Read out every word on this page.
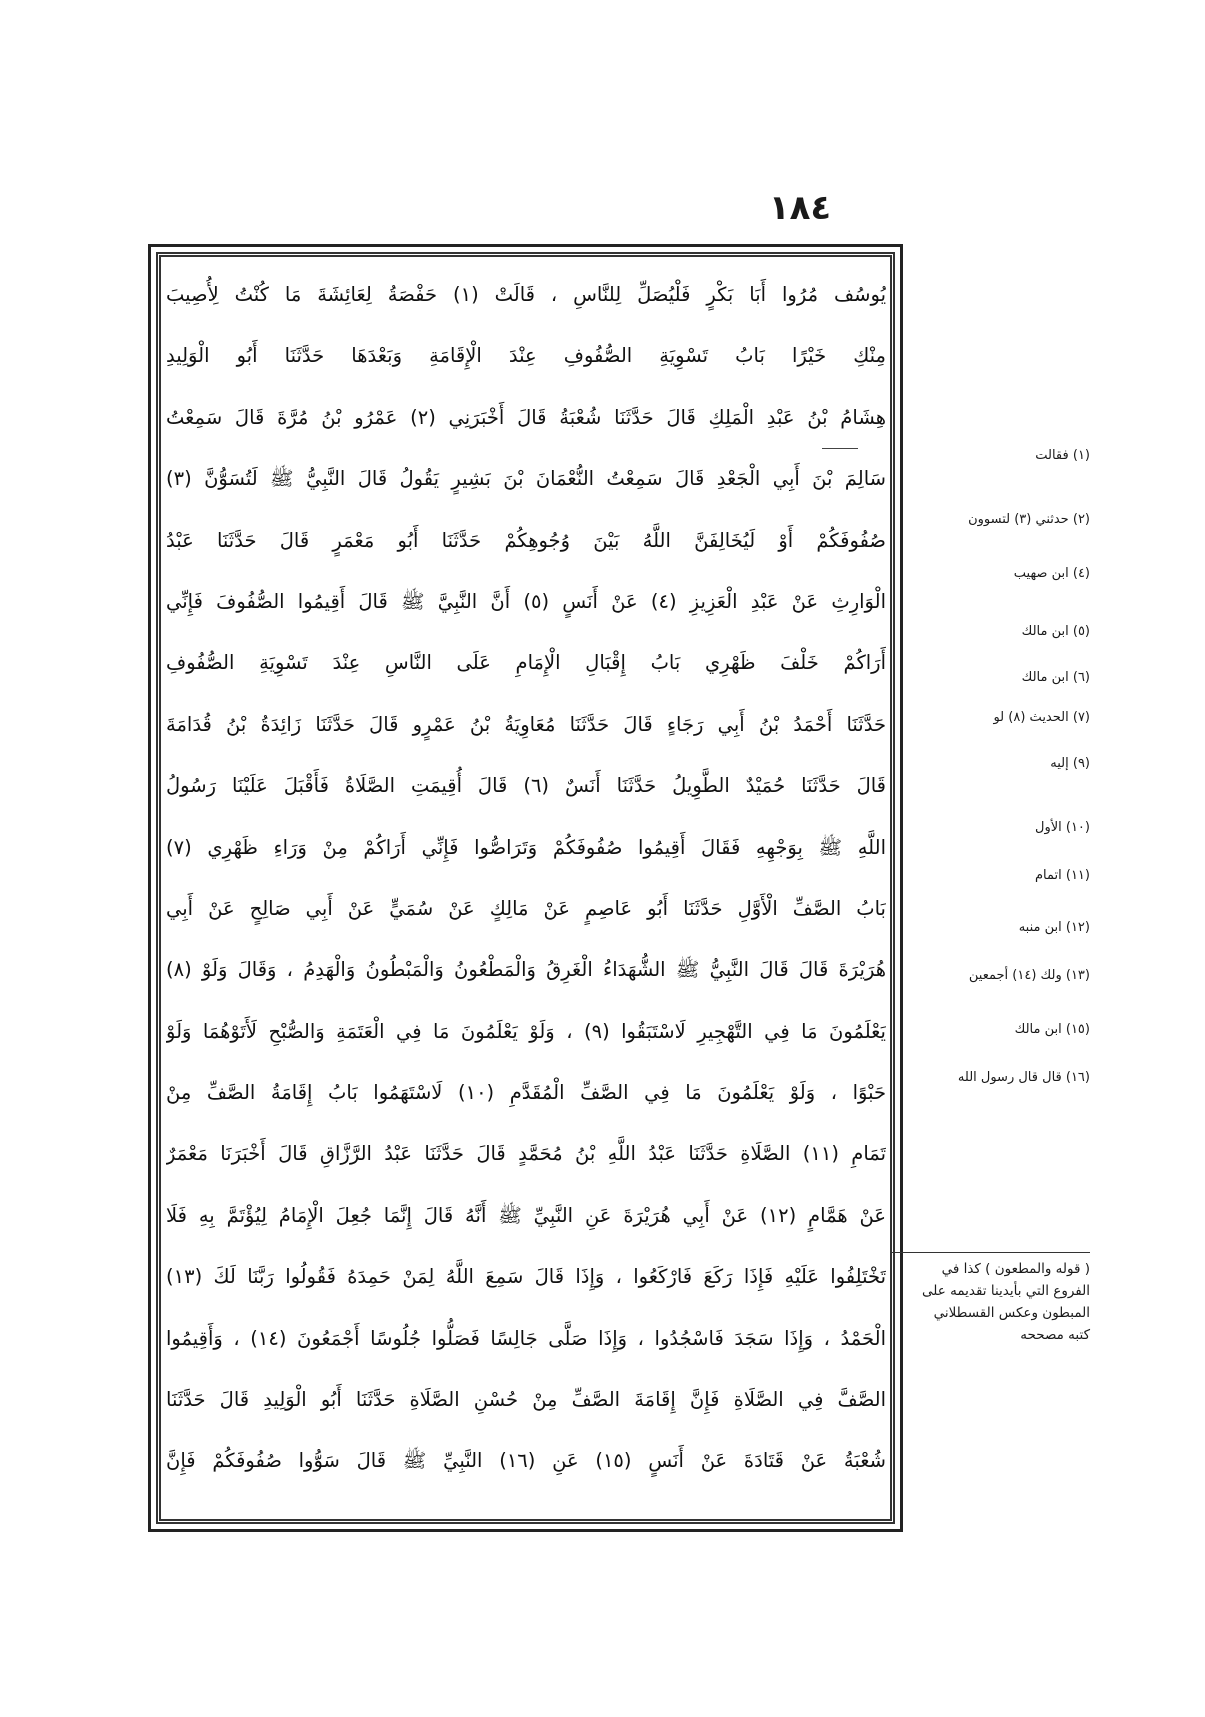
١٨٤
يُوسُف مُرُوا أَبَا بَكْرٍ فَلْيُصَلِّ لِلنَّاسِ ، قَالَتْ (١) حَفْصَةُ لِعَائِشَةَ مَا كُنْتُ لِأُصِيبَ
مِنْكِ خَيْرًا بَابُ تَسْوِيَةِ الصُّفُوفِ عِنْدَ الْإِقَامَةِ وَبَعْدَهَا حَدَّثَنَا أَبُو الْوَلِيدِ
هِشَامُ بْنُ عَبْدِ الْمَلِكِ قَالَ حَدَّثَنَا شُعْبَةُ قَالَ أَخْبَرَنِي (٢) عَمْرُو بْنُ مُرَّةَ قَالَ سَمِعْتُ
سَالِمَ بْنَ أَبِي الْجَعْدِ قَالَ سَمِعْتُ النُّعْمَانَ بْنَ بَشِيرٍ يَقُولُ قَالَ النَّبِيُّ ﷺ لَتُسَوُّنَّ (٣)
صُفُوفَكُمْ أَوْ لَيُخَالِفَنَّ اللَّهُ بَيْنَ وُجُوهِكُمْ حَدَّثَنَا أَبُو مَعْمَرٍ قَالَ حَدَّثَنَا عَبْدُ
الْوَارِثِ عَنْ عَبْدِ الْعَزِيزِ (٤) عَنْ أَنَسٍ (٥) أَنَّ النَّبِيَّ ﷺ قَالَ أَقِيمُوا الصُّفُوفَ فَإِنِّي
أَرَاكُمْ خَلْفَ ظَهْرِي بَابُ إِقْبَالِ الْإِمَامِ عَلَى النَّاسِ عِنْدَ تَسْوِيَةِ الصُّفُوفِ
حَدَّثَنَا أَحْمَدُ بْنُ أَبِي رَجَاءٍ قَالَ حَدَّثَنَا مُعَاوِيَةُ بْنُ عَمْرٍو قَالَ حَدَّثَنَا زَائِدَةُ بْنُ قُدَامَةَ
قَالَ حَدَّثَنَا حُمَيْدٌ الطَّوِيلُ حَدَّثَنَا أَنَسٌ (٦) قَالَ أُقِيمَتِ الصَّلَاةُ فَأَقْبَلَ عَلَيْنَا رَسُولُ
اللَّهِ ﷺ بِوَجْهِهِ فَقَالَ أَقِيمُوا صُفُوفَكُمْ وَتَرَاصُّوا فَإِنِّي أَرَاكُمْ مِنْ وَرَاءِ ظَهْرِي (٧)
بَابُ الصَّفِّ الْأَوَّلِ حَدَّثَنَا أَبُو عَاصِمٍ عَنْ مَالِكٍ عَنْ سُمَيٍّ عَنْ أَبِي صَالِحٍ عَنْ أَبِي
هُرَيْرَةَ قَالَ قَالَ النَّبِيُّ ﷺ الشُّهَدَاءُ الْغَرِقُ وَالْمَطْعُونُ وَالْمَبْطُونُ وَالْهَدِمُ ، وَقَالَ وَلَوْ (٨)
يَعْلَمُونَ مَا فِي التَّهْجِيرِ لَاسْتَبَقُوا (٩) ، وَلَوْ يَعْلَمُونَ مَا فِي الْعَتَمَةِ وَالصُّبْحِ لَأَتَوْهُمَا وَلَوْ
حَبْوًا ، وَلَوْ يَعْلَمُونَ مَا فِي الصَّفِّ الْمُقَدَّمِ (١٠) لَاسْتَهَمُوا بَابُ إِقَامَةُ الصَّفِّ مِنْ
تَمَامِ (١١) الصَّلَاةِ حَدَّثَنَا عَبْدُ اللَّهِ بْنُ مُحَمَّدٍ قَالَ حَدَّثَنَا عَبْدُ الرَّزَّاقِ قَالَ أَخْبَرَنَا مَعْمَرٌ
عَنْ هَمَّامٍ (١٢) عَنْ أَبِي هُرَيْرَةَ عَنِ النَّبِيِّ ﷺ أَنَّهُ قَالَ إِنَّمَا جُعِلَ الْإِمَامُ لِيُؤْتَمَّ بِهِ فَلَا
تَخْتَلِفُوا عَلَيْهِ فَإِذَا رَكَعَ فَارْكَعُوا ، وَإِذَا قَالَ سَمِعَ اللَّهُ لِمَنْ حَمِدَهُ فَقُولُوا رَبَّنَا لَكَ (١٣)
الْحَمْدُ ، وَإِذَا سَجَدَ فَاسْجُدُوا ، وَإِذَا صَلَّى جَالِسًا فَصَلُّوا جُلُوسًا أَجْمَعُونَ (١٤) ، وَأَقِيمُوا
الصَّفَّ فِي الصَّلَاةِ فَإِنَّ إِقَامَةَ الصَّفِّ مِنْ حُسْنِ الصَّلَاةِ حَدَّثَنَا أَبُو الْوَلِيدِ قَالَ حَدَّثَنَا
شُعْبَةُ عَنْ قَتَادَةَ عَنْ أَنَسٍ (١٥) عَنِ (١٦) النَّبِيِّ ﷺ قَالَ سَوُّوا صُفُوفَكُمْ فَإِنَّ
(١) فقالت
(٢) حدثني (٣) لتسوون
(٤) ابن صهيب
(٥) ابن مالك
(٦) ابن مالك
(٧) الحديث (٨) لو
(٩) إليه
(١٠) الأول
(١١) اتمام
(١٢) ابن منبه
(١٣) ولك (١٤) أجمعين
(١٥) ابن مالك
(١٦) قال قال رسول الله
( قوله والمطعون ) كذا في
الفروع التي بأيدينا تقديمه على
المبطون وعكس القسطلاني
كتبه مصححه
